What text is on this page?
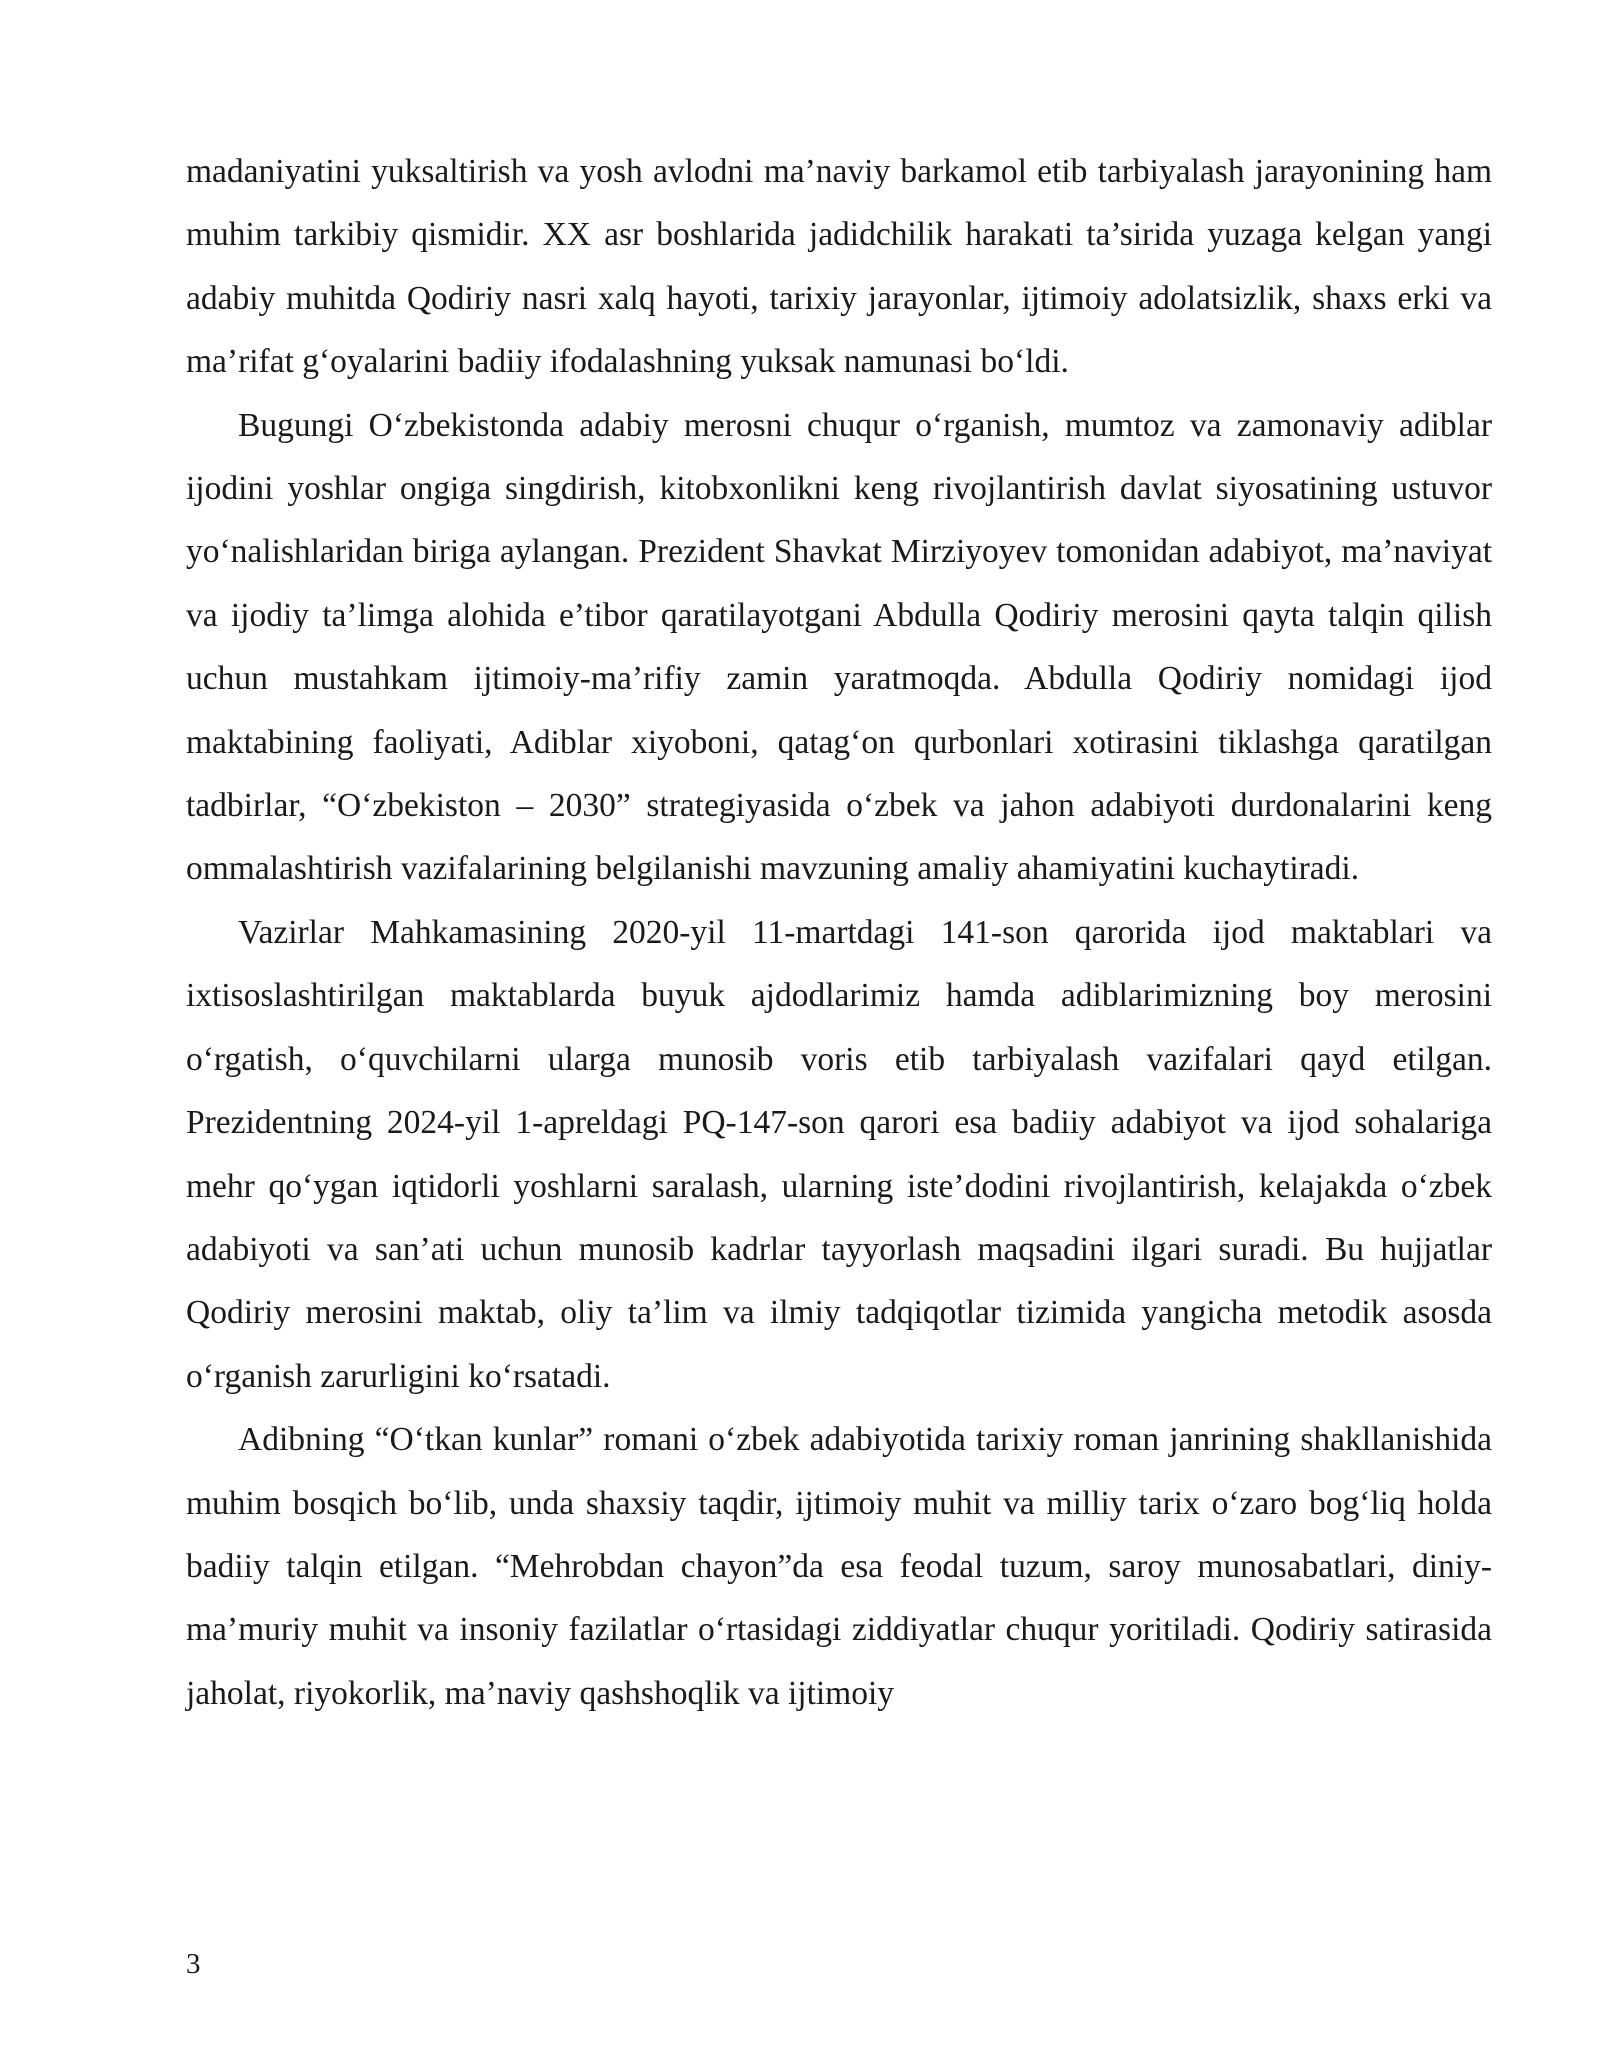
madaniyatini yuksaltirish va yosh avlodni ma’naviy barkamol etib tarbiyalash jarayonining ham muhim tarkibiy qismidir. XX asr boshlarida jadidchilik harakati ta’sirida yuzaga kelgan yangi adabiy muhitda Qodiriy nasri xalq hayoti, tarixiy jarayonlar, ijtimoiy adolatsizlik, shaxs erki va ma’rifat g‘oyalarini badiiy ifodalashning yuksak namunasi bo‘ldi.

Bugungi O‘zbekistonda adabiy merosni chuqur o‘rganish, mumtoz va zamonaviy adiblar ijodini yoshlar ongiga singdirish, kitobxonlikni keng rivojlantirish davlat siyosatining ustuvor yo‘nalishlaridan biriga aylangan. Prezident Shavkat Mirziyoyev tomonidan adabiyot, ma’naviyat va ijodiy ta’limga alohida e’tibor qaratilayotgani Abdulla Qodiriy merosini qayta talqin qilish uchun mustahkam ijtimoiy-ma’rifiy zamin yaratmoqda. Abdulla Qodiriy nomidagi ijod maktabining faoliyati, Adiblar xiyoboni, qatag‘on qurbonlari xotirasini tiklashga qaratilgan tadbirlar, “O‘zbekiston – 2030” strategiyasida o‘zbek va jahon adabiyoti durdonalarini keng ommalashtirish vazifalarining belgilanishi mavzuning amaliy ahamiyatini kuchaytiradi.

Vazirlar Mahkamasining 2020-yil 11-martdagi 141-son qarorida ijod maktablari va ixtisoslashtirilgan maktablarda buyuk ajdodlarimiz hamda adiblarimizning boy merosini o‘rgatish, o‘quvchilarni ularga munosib voris etib tarbiyalash vazifalari qayd etilgan. Prezidentning 2024-yil 1-apreldagi PQ-147-son qarori esa badiiy adabiyot va ijod sohalariga mehr qo‘ygan iqtidorli yoshlarni saralash, ularning iste’dodini rivojlantirish, kelajakda o‘zbek adabiyoti va san’ati uchun munosib kadrlar tayyorlash maqsadini ilgari suradi. Bu hujjatlar Qodiriy merosini maktab, oliy ta’lim va ilmiy tadqiqotlar tizimida yangicha metodik asosda o‘rganish zarurligini ko‘rsatadi.

Adibning “O‘tkan kunlar” romani o‘zbek adabiyotida tarixiy roman janrining shakllanishida muhim bosqich bo‘lib, unda shaxsiy taqdir, ijtimoiy muhit va milliy tarix o‘zaro bog‘liq holda badiiy talqin etilgan. “Mehrobdan chayon”da esa feodal tuzum, saroy munosabatlari, diniy-ma’muriy muhit va insoniy fazilatlar o‘rtasidagi ziddiyatlar chuqur yoritiladi. Qodiriy satirasida jaholat, riyokorlik, ma’naviy qashshoqlik va ijtimoiy

3
